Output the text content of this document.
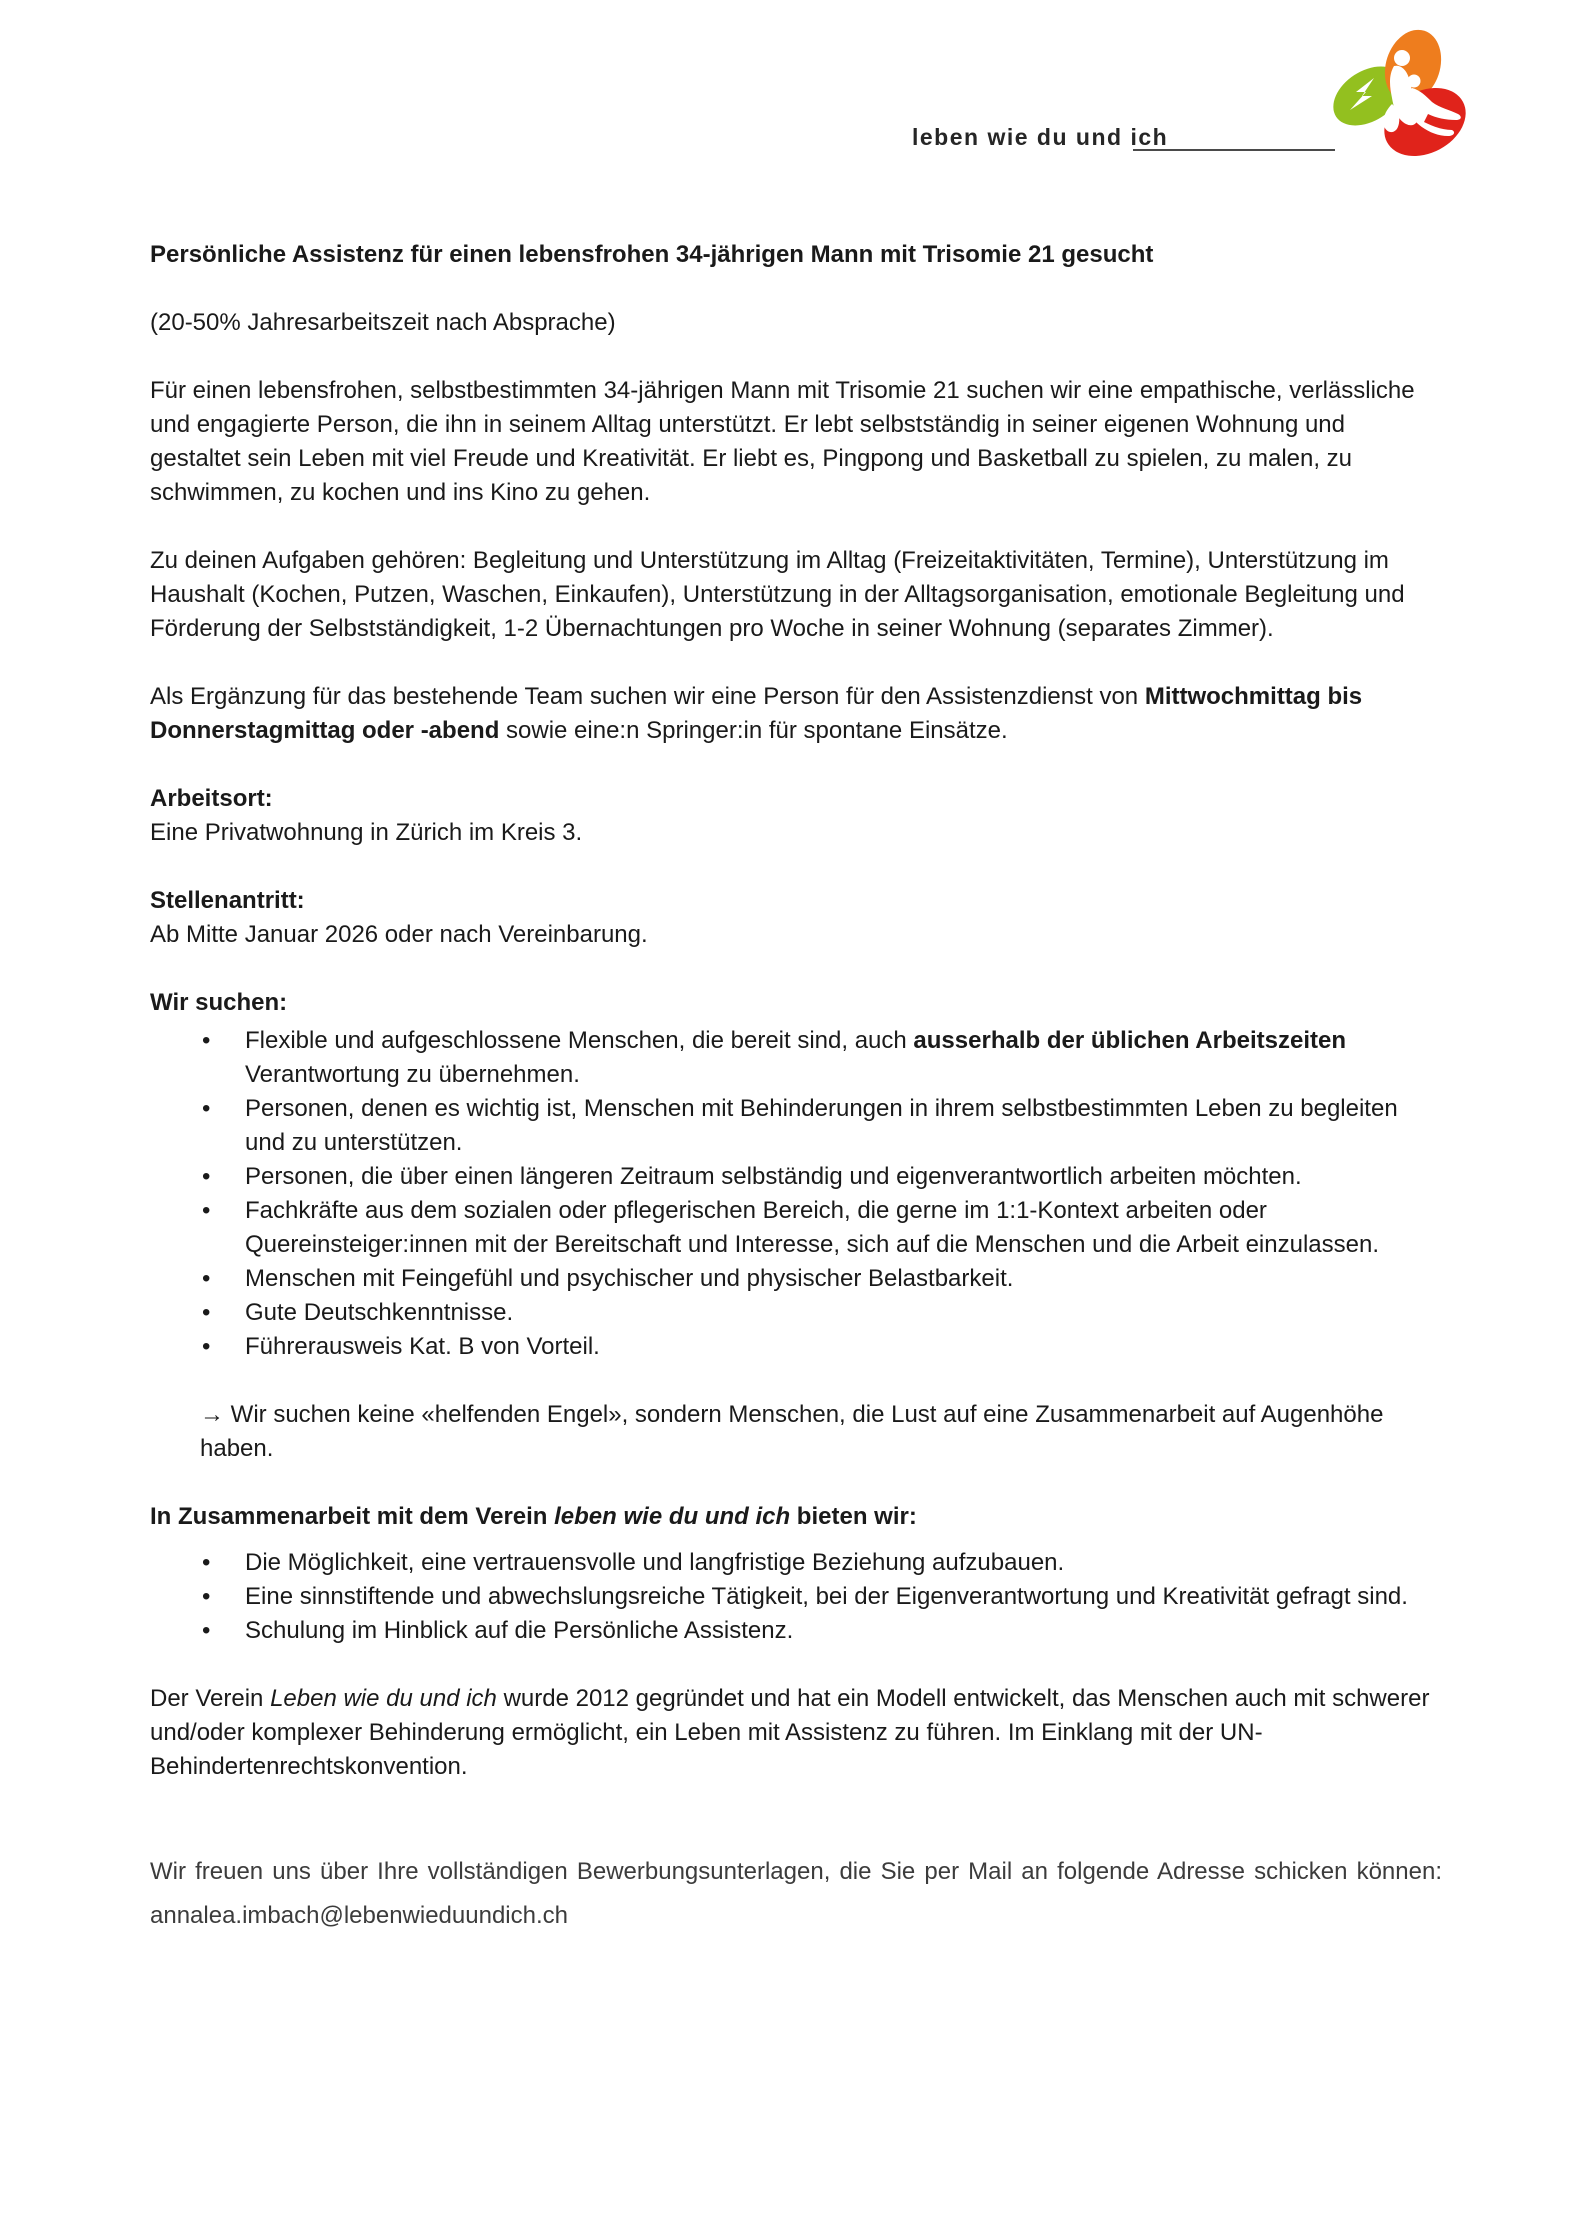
leben wie du und ich

Persönliche Assistenz für einen lebensfrohen 34-jährigen Mann mit Trisomie 21 gesucht

(20-50% Jahresarbeitszeit nach Absprache)

Für einen lebensfrohen, selbstbestimmten 34-jährigen Mann mit Trisomie 21 suchen wir eine empathische, verlässliche und engagierte Person, die ihn in seinem Alltag unterstützt. Er lebt selbstständig in seiner eigenen Wohnung und gestaltet sein Leben mit viel Freude und Kreativität. Er liebt es, Pingpong und Basketball zu spielen, zu malen, zu schwimmen, zu kochen und ins Kino zu gehen.

Zu deinen Aufgaben gehören: Begleitung und Unterstützung im Alltag (Freizeitaktivitäten, Termine), Unterstützung im Haushalt (Kochen, Putzen, Waschen, Einkaufen), Unterstützung in der Alltagsorganisation, emotionale Begleitung und Förderung der Selbstständigkeit, 1-2 Übernachtungen pro Woche in seiner Wohnung (separates Zimmer).

Als Ergänzung für das bestehende Team suchen wir eine Person für den Assistenzdienst von Mittwochmittag bis Donnerstagmittag oder -abend sowie eine:n Springer:in für spontane Einsätze.

Arbeitsort:
Eine Privatwohnung in Zürich im Kreis 3.
Stellenantritt:
Ab Mitte Januar 2026 oder nach Vereinbarung.
Wir suchen:
• Flexible und aufgeschlossene Menschen, die bereit sind, auch ausserhalb der üblichen Arbeitszeiten Verantwortung zu übernehmen.
• Personen, denen es wichtig ist, Menschen mit Behinderungen in ihrem selbstbestimmten Leben zu begleiten und zu unterstützen.
• Personen, die über einen längeren Zeitraum selbständig und eigenverantwortlich arbeiten möchten.
• Fachkräfte aus dem sozialen oder pflegerischen Bereich, die gerne im 1:1-Kontext arbeiten oder Quereinsteiger:innen mit der Bereitschaft und Interesse, sich auf die Menschen und die Arbeit einzulassen.
• Menschen mit Feingefühl und psychischer und physischer Belastbarkeit.
• Gute Deutschkenntnisse.
• Führerausweis Kat. B von Vorteil.

→ Wir suchen keine «helfenden Engel», sondern Menschen, die Lust auf eine Zusammenarbeit auf Augenhöhe haben.

In Zusammenarbeit mit dem Verein leben wie du und ich bieten wir:
• Die Möglichkeit, eine vertrauensvolle und langfristige Beziehung aufzubauen.
• Eine sinnstiftende und abwechslungsreiche Tätigkeit, bei der Eigenverantwortung und Kreativität gefragt sind.
• Schulung im Hinblick auf die Persönliche Assistenz.

Der Verein Leben wie du und ich wurde 2012 gegründet und hat ein Modell entwickelt, das Menschen auch mit schwerer und/oder komplexer Behinderung ermöglicht, ein Leben mit Assistenz zu führen. Im Einklang mit der UN-Behindertenrechtskonvention.

Wir freuen uns über Ihre vollständigen Bewerbungsunterlagen, die Sie per Mail an folgende Adresse schicken können: annalea.imbach@lebenwieduundich.ch
